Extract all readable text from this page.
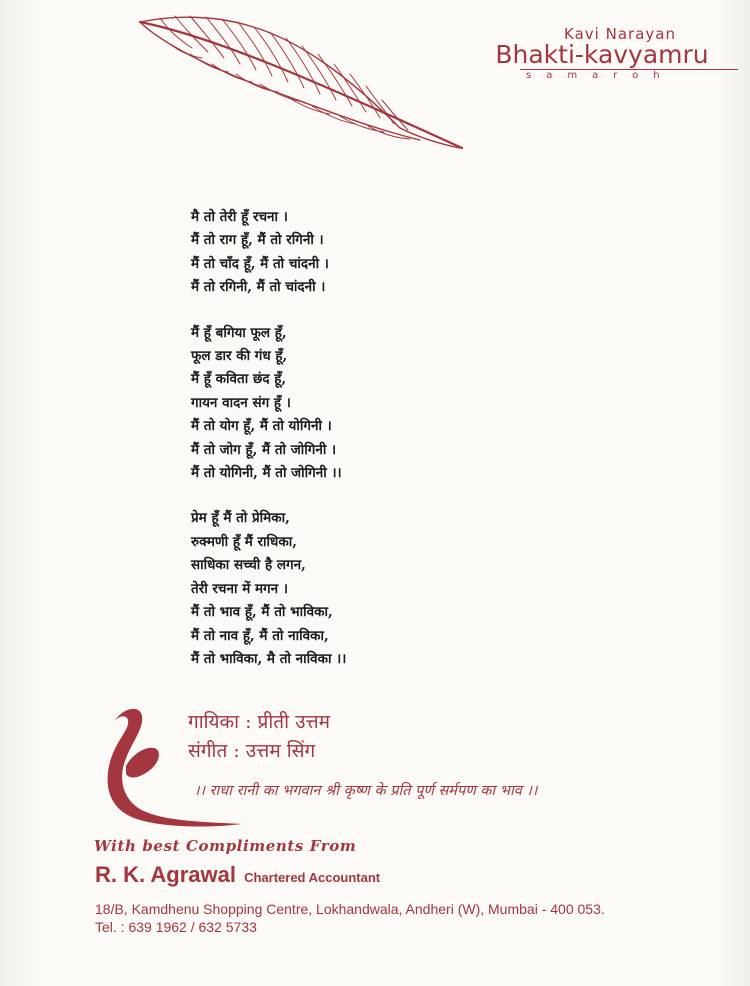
Kavi Narayan
Bhakti-kavyamru
samaroh
मै तो तेरी हूँ रचना ।
मैं तो राग हूँ, मैं तो रगिनी ।
मैं तो चाँद हूँ, मैं तो चांदनी ।
मैं तो रगिनी, मैं तो चांदनी ।
मैं हूँ बगिया फूल हूँ,
फूल डार की गंध हूँ,
मैं हूँ कविता छंद हूँ,
गायन वादन संग हूँ ।
मैं तो योग हूँ, मैं तो योगिनी ।
मैं तो जोग हूँ, मैं तो जोगिनी ।
मैं तो योगिनी, मैं तो जोगिनी ।।
प्रेम हूँ मैं तो प्रेमिका,
रुक्मणी हूँ मैं राधिका,
साधिका सच्ची है लगन,
तेरी रचना में मगन ।
मैं तो भाव हूँ, मैं तो भाविका,
मैं तो नाव हूँ, मैं तो नाविका,
मैं तो भाविका, मै तो नाविका ।।
गायिका : प्रीती उत्तम
संगीत : उत्तम सिंग
।। राधा रानी का भगवान श्री कृष्ण के प्रति पूर्ण सर्मपण का भाव ।।
With best Compliments From
R. K. Agrawal Chartered Accountant
18/B, Kamdhenu Shopping Centre, Lokhandwala, Andheri (W), Mumbai - 400 053.
Tel. : 639 1962 / 632 5733
